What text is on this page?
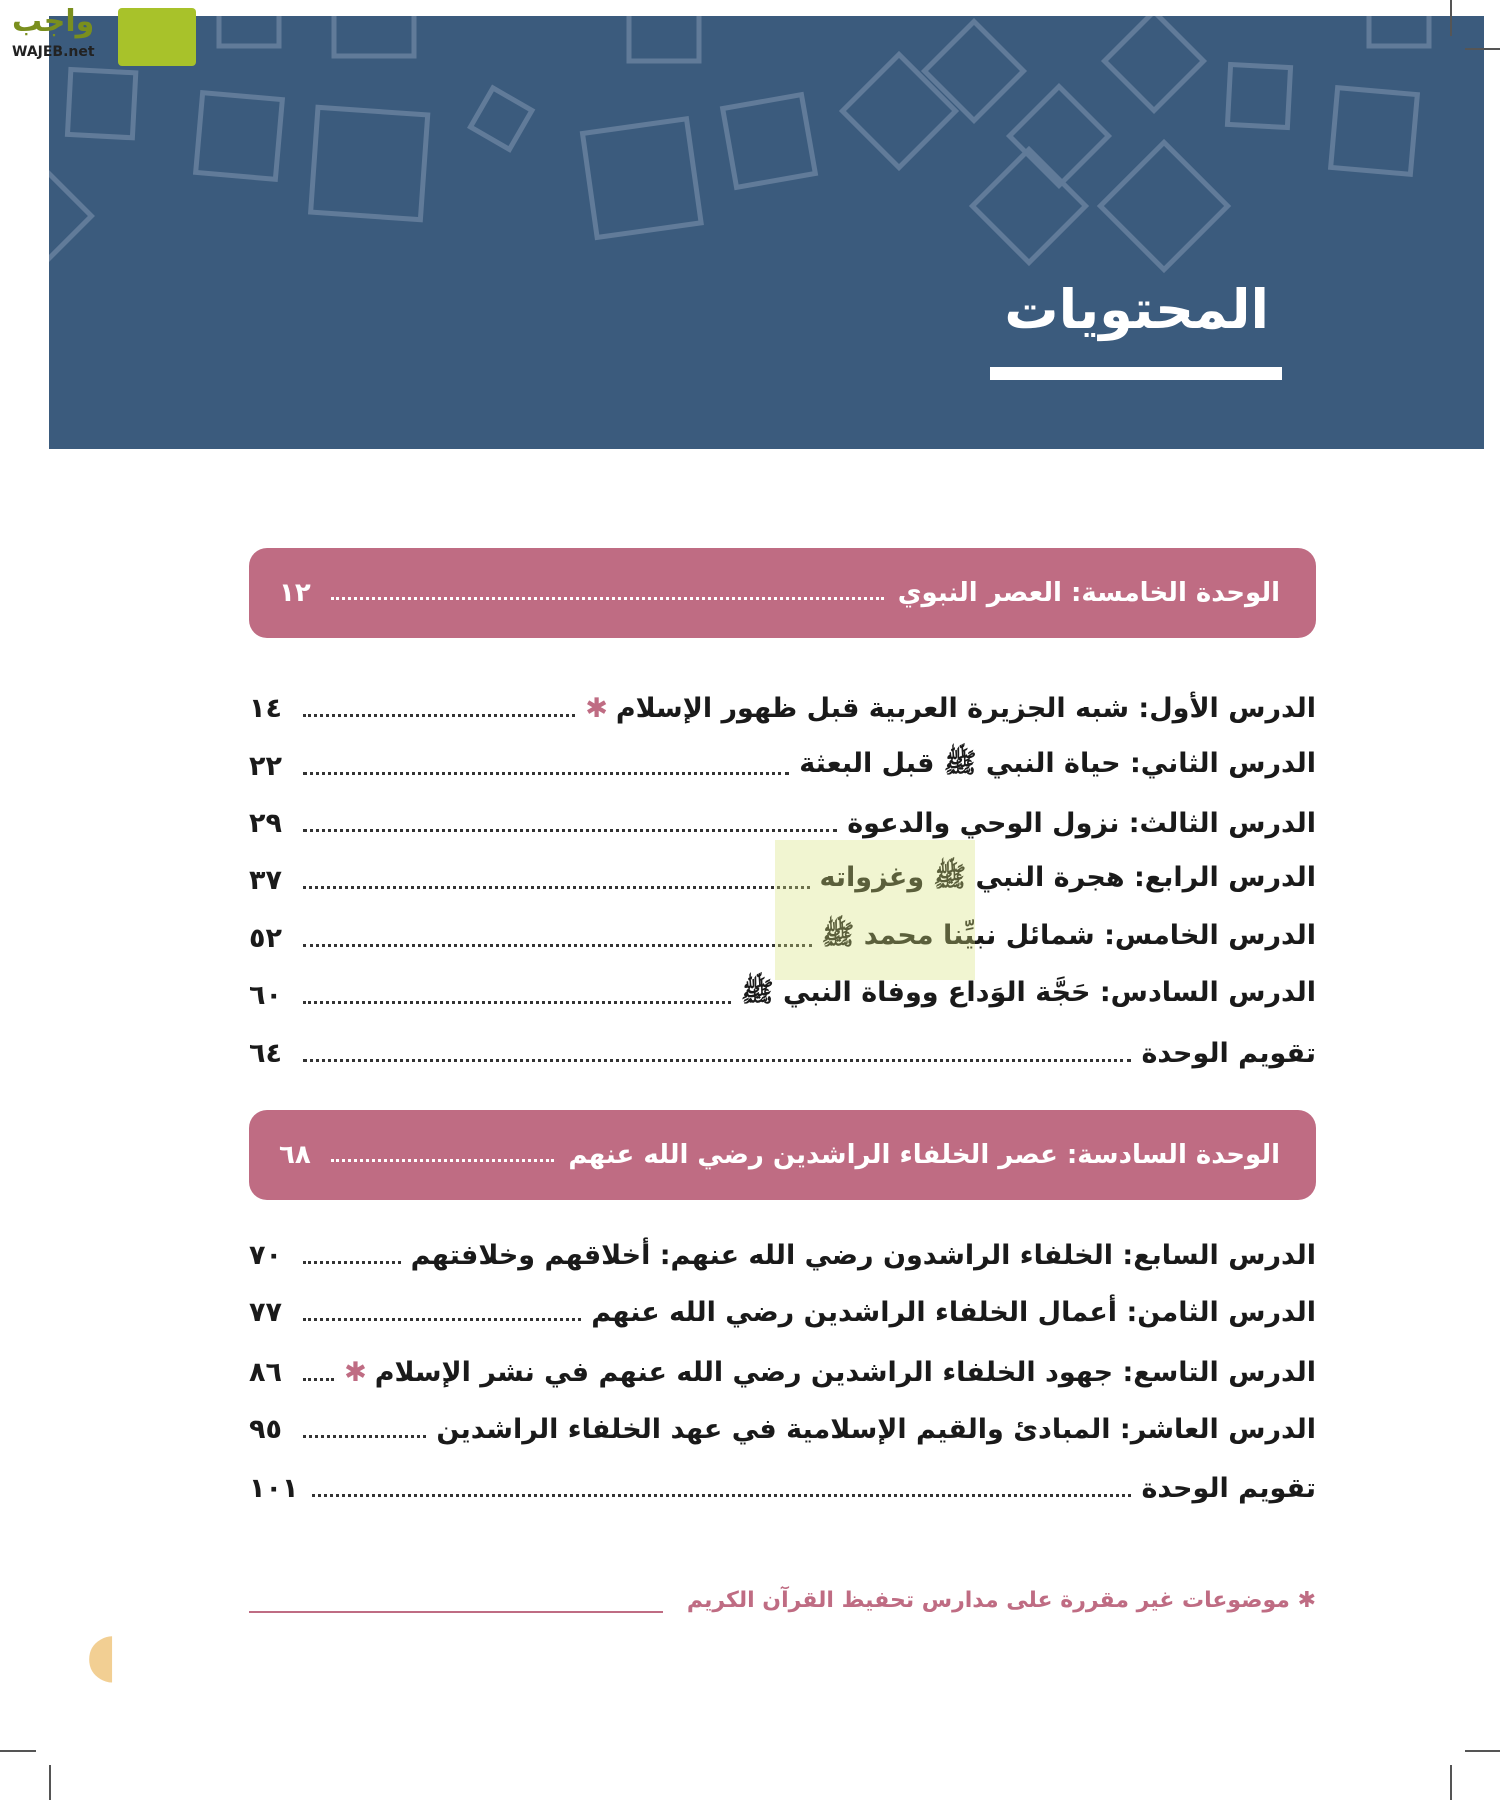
المحتويات
واجب
WAJEB.net
الوحدة الخامسة: العصر النبوي
١٢
الدرس الأول: شبه الجزيرة العربية قبل ظهور الإسلام
✱
١٤
الدرس الثاني: حياة النبي ﷺ قبل البعثة
٢٢
الدرس الثالث: نزول الوحي والدعوة
٢٩
الدرس الرابع: هجرة النبي ﷺ وغزواته
٣٧
الدرس الخامس: شمائل نبيِّنا محمد ﷺ
٥٢
الدرس السادس: حَجَّة الوَداع ووفاة النبي ﷺ
٦٠
تقويم الوحدة
٦٤
الوحدة السادسة: عصر الخلفاء الراشدين رضي الله عنهم
٦٨
الدرس السابع: الخلفاء الراشدون رضي الله عنهم: أخلاقهم وخلافتهم
٧٠
الدرس الثامن: أعمال الخلفاء الراشدين رضي الله عنهم
٧٧
الدرس التاسع: جهود الخلفاء الراشدين رضي الله عنهم في نشر الإسلام
✱
٨٦
الدرس العاشر: المبادئ والقيم الإسلامية في عهد الخلفاء الراشدين
٩٥
تقويم الوحدة
١٠١
✱ موضوعات غير مقررة على مدارس تحفيظ القرآن الكريم
◖
